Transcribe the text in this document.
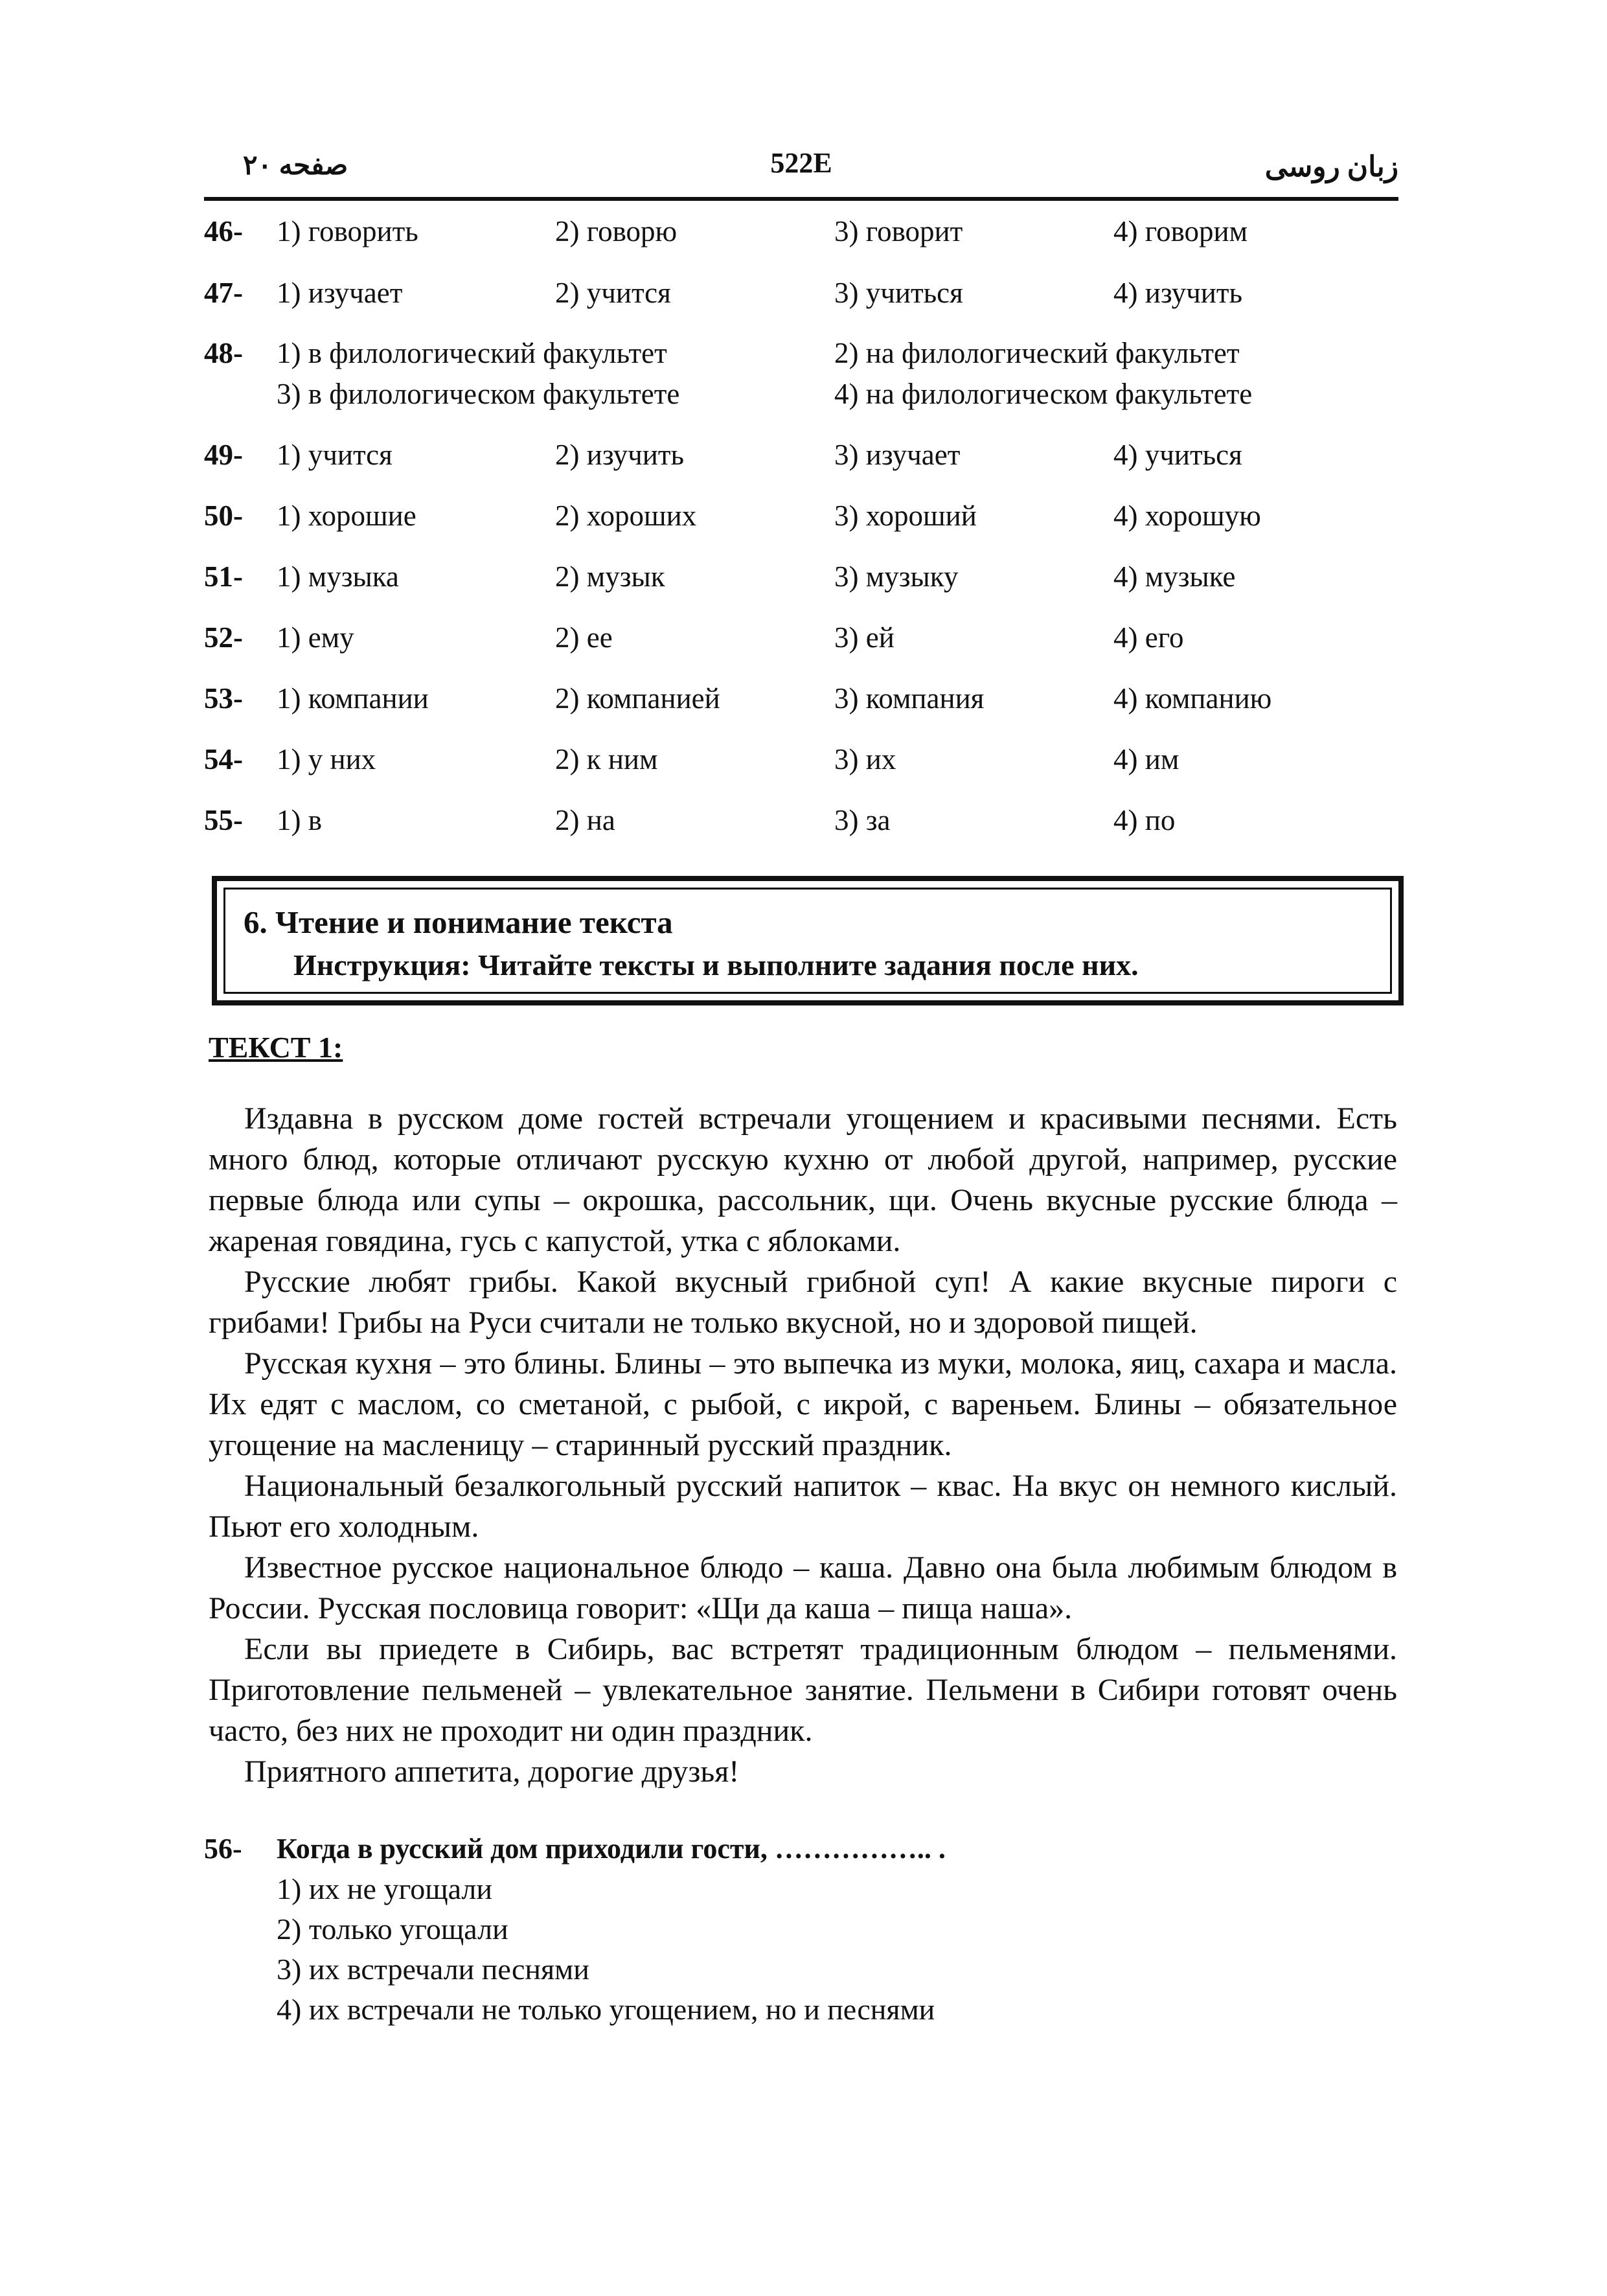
صفحه ۲۰	522E	زبان روسی
46- 1) говорить	2) говорю	3) говорит	4) говорим
47- 1) изучает	2) учится	3) учиться	4) изучить
48- 1) в филологический факультет	2) на филологический факультет
3) в филологическом факультете	4) на филологическом факультете
49- 1) учится	2) изучить	3) изучает	4) учиться
50- 1) хорошие	2) хороших	3) хороший	4) хорошую
51- 1) музыка	2) музык	3) музыку	4) музыке
52- 1) ему	2) ее	3) ей	4) его
53- 1) компании	2) компанией	3) компания	4) компанию
54- 1) у них	2) к ним	3) их	4) им
55- 1) в	2) на	3) за	4) по
6. Чтение и понимание текста
Инструкция: Читайте тексты и выполните задания после них.
ТЕКСТ 1:

Издавна в русском доме гостей встречали угощением и красивыми песнями. Есть много блюд, которые отличают русскую кухню от любой другой, например, русские первые блюда или супы – окрошка, рассольник, щи. Очень вкусные русские блюда – жареная говядина, гусь с капустой, утка с яблоками.

Русские любят грибы. Какой вкусный грибной суп! А какие вкусные пироги с грибами! Грибы на Руси считали не только вкусной, но и здоровой пищей.

Русская кухня – это блины. Блины – это выпечка из муки, молока, яиц, сахара и масла. Их едят с маслом, со сметаной, с рыбой, с икрой, с вареньем. Блины – обязательное угощение на масленицу – старинный русский праздник.

Национальный безалкогольный русский напиток – квас. На вкус он немного кислый. Пьют его холодным.

Известное русское национальное блюдо – каша. Давно она была любимым блюдом в России. Русская пословица говорит: «Щи да каша – пища наша».

Если вы приедете в Сибирь, вас встретят традиционным блюдом – пельменями. Приготовление пельменей – увлекательное занятие. Пельмени в Сибири готовят очень часто, без них не проходит ни один праздник.

Приятного аппетита, дорогие друзья!

56- Когда в русский дом приходили гости, …………….. .
1) их не угощали
2) только угощали
3) их встречали песнями
4) их встречали не только угощением, но и песнями
